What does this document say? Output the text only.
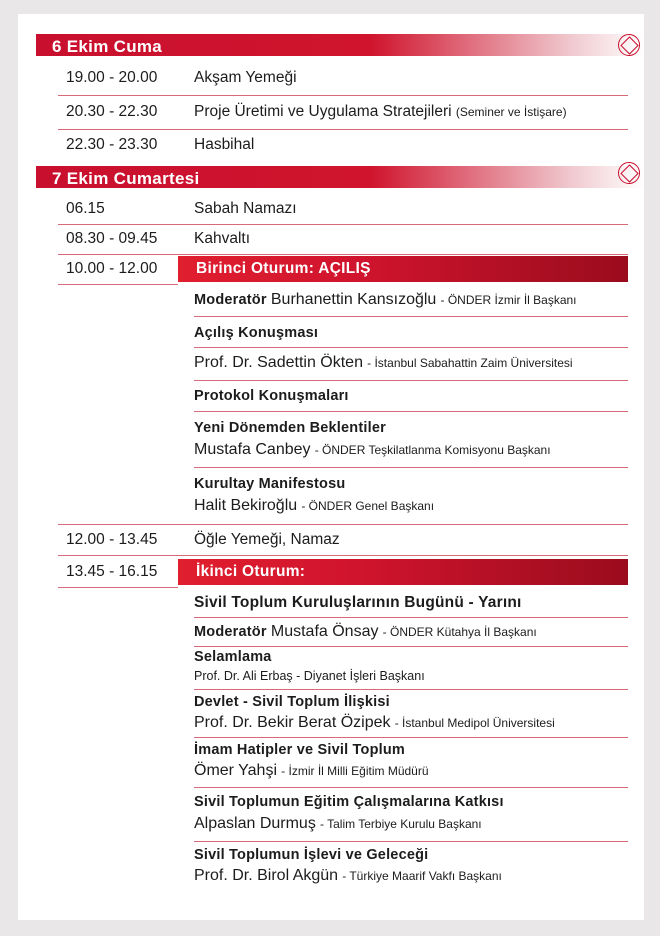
6 Ekim Cuma
19.00 - 20.00 Akşam Yemeği
20.30 - 22.30 Proje Üretimi ve Uygulama Stratejileri (Seminer ve İstişare)
22.30 - 23.30 Hasbihal
7 Ekim Cumartesi
06.15	Sabah Namazı
08.30 - 09.45 Kahvaltı
10.00 - 12.00 Birinci Oturum: AÇILIŞ
Moderatör Burhanettin Kansızoğlu - ÖNDER İzmir İl Başkanı
Açılış Konuşması
Prof. Dr. Sadettin Ökten - İstanbul Sabahattin Zaim Üniversitesi
Protokol Konuşmaları
Yeni Dönemden Beklentiler
Mustafa Canbey - ÖNDER Teşkilatlanma Komisyonu Başkanı
Kurultay Manifestosu
Halit Bekiroğlu - ÖNDER Genel Başkanı
12.00 - 13.45 Öğle Yemeği, Namaz
13.45 - 16.15 İkinci Oturum:
Sivil Toplum Kuruluşlarının Bugünü - Yarını
Moderatör Mustafa Önsay - ÖNDER Kütahya İl Başkanı
Selamlama
Prof. Dr. Ali Erbaş - Diyanet İşleri Başkanı
Devlet - Sivil Toplum İlişkisi
Prof. Dr. Bekir Berat Özipek - İstanbul Medipol Üniversitesi
İmam Hatipler ve Sivil Toplum
Ömer Yahşi - İzmir İl Milli Eğitim Müdürü
Sivil Toplumun Eğitim Çalışmalarına Katkısı
Alpaslan Durmuş - Talim Terbiye Kurulu Başkanı
Sivil Toplumun İşlevi ve Geleceği
Prof. Dr. Birol Akgün - Türkiye Maarif Vakfı Başkanı
